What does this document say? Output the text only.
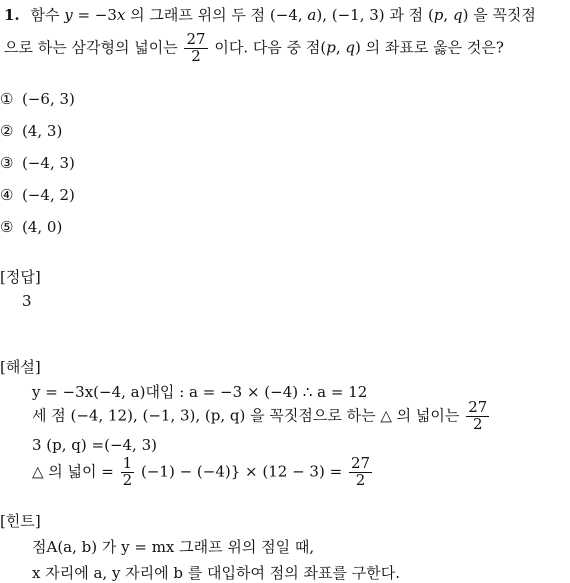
1. 함수 y = −3x 의 그래프 위의 두 점 (−4, a), (−1, 3) 과 점 (p, q) 을 꼭짓점
으로 하는 삼각형의 넓이는 $\frac{27}{2}$ 이다. 다음 중 점(p, q) 의 좌표로 옳은 것은?
① (−6, 3)
② (4, 3)
③ (−4, 3)
④ (−4, 2)
⑤ (4, 0)
[정답]
3
[해설]
y = −3x(−4, a)대입 : a = −3 × (−4) ∴ a = 12
세 점 (−4, 12), (−1, 3), (p, q) 을 꼭짓점으로 하는 △ 의 넓이는 $\frac{27}{2}$
3 (p, q) =(−4, 3)
△ 의 넓이 = $\frac{1}{2} (-1) - (-4)\} \times (12 - 3) = \frac{27}{2}$
[힌트]
점A(a, b) 가 y = mx 그래프 위의 점일 때,
x 자리에 a, y 자리에 b 를 대입하여 점의 좌표를 구한다.
